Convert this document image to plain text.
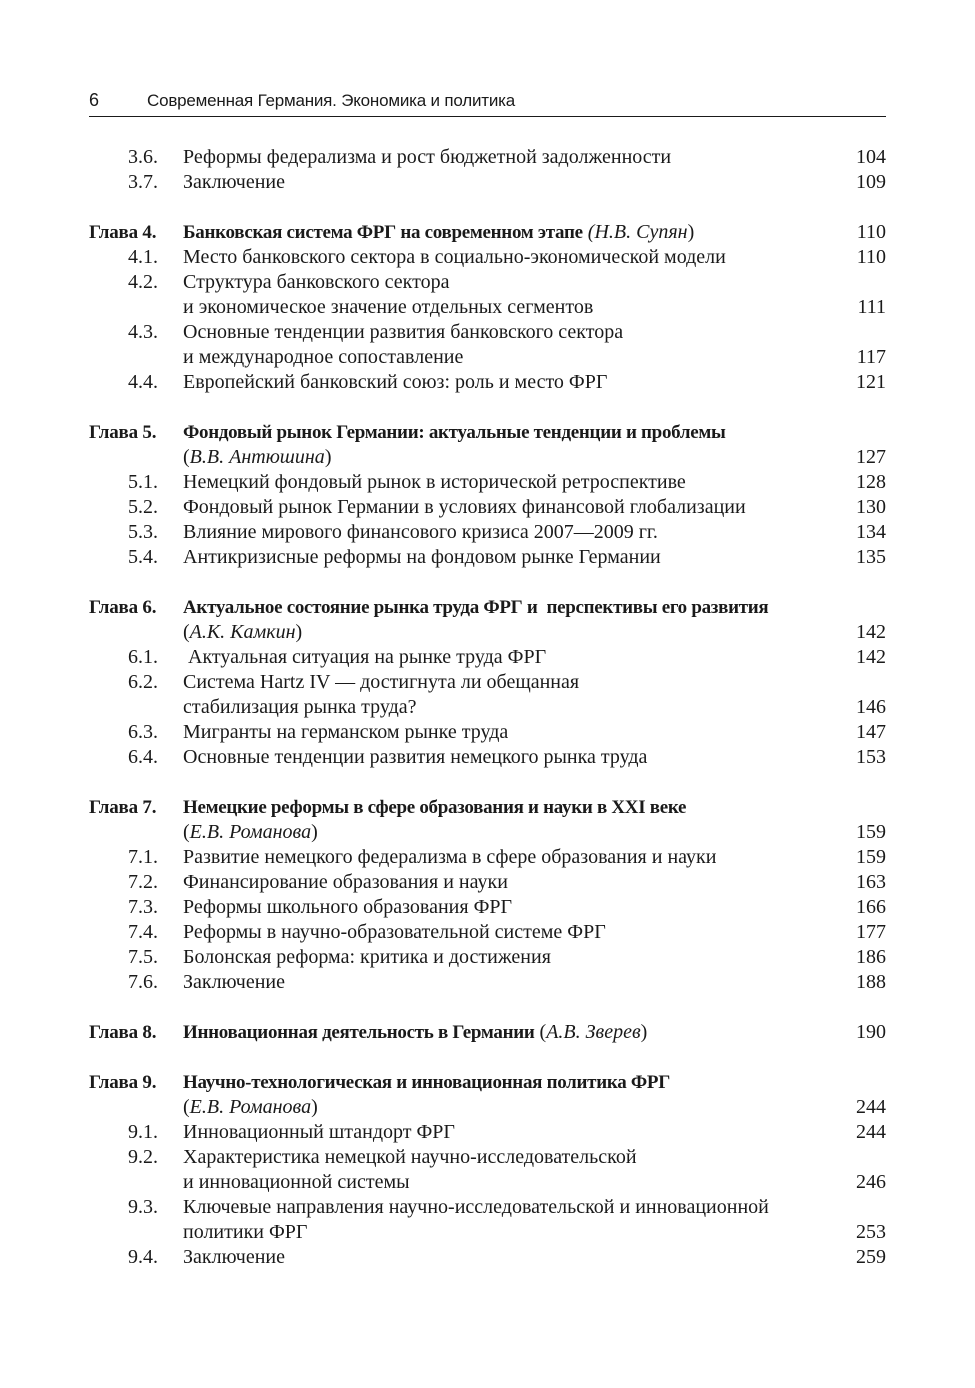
6	Современная Германия. Экономика и политика
3.6. Реформы федерализма и рост бюджетной задолженности	104
3.7. Заключение	109
Глава 4. Банковская система ФРГ на современном этапе (Н.В. Супян)	110
4.1. Место банковского сектора в социально-экономической модели	110
4.2. Структура банковского сектора
и экономическое значение отдельных сегментов	111
4.3. Основные тенденции развития банковского сектора
и международное сопоставление	117
4.4. Европейский банковский союз: роль и место ФРГ	121
Глава 5. Фондовый рынок Германии: актуальные тенденции и проблемы
(В.В. Антюшина)	127
5.1. Немецкий фондовый рынок в исторической ретроспективе	128
5.2. Фондовый рынок Германии в условиях финансовой глобализации	130
5.3. Влияние мирового финансового кризиса 2007—2009 гг.	134
5.4. Антикризисные реформы на фондовом рынке Германии	135
Глава 6. Актуальное состояние рынка труда ФРГ и  перспективы его развития
(А.К. Камкин)	142
6.1. Актуальная ситуация на рынке труда ФРГ	142
6.2. Система Hartz IV — достигнута ли обещанная
стабилизация рынка труда?	146
6.3. Мигранты на германском рынке труда	147
6.4. Основные тенденции развития немецкого рынка труда	153
Глава 7. Немецкие реформы в сфере образования и науки в XXI веке
(Е.В. Романова)	159
7.1. Развитие немецкого федерализма в сфере образования и науки	159
7.2. Финансирование образования и науки	163
7.3. Реформы школьного образования ФРГ	166
7.4. Реформы в научно-образовательной системе ФРГ	177
7.5. Болонская реформа: критика и достижения	186
7.6. Заключение	188
Глава 8. Инновационная деятельность в Германии (А.В. Зверев)	190
Глава 9. Научно-технологическая и инновационная политика ФРГ
(Е.В. Романова)	244
9.1. Инновационный штандорт ФРГ	244
9.2. Характеристика немецкой научно-исследовательской
и инновационной системы	246
9.3. Ключевые направления научно-исследовательской и инновационной
политики ФРГ	253
9.4. Заключение	259
